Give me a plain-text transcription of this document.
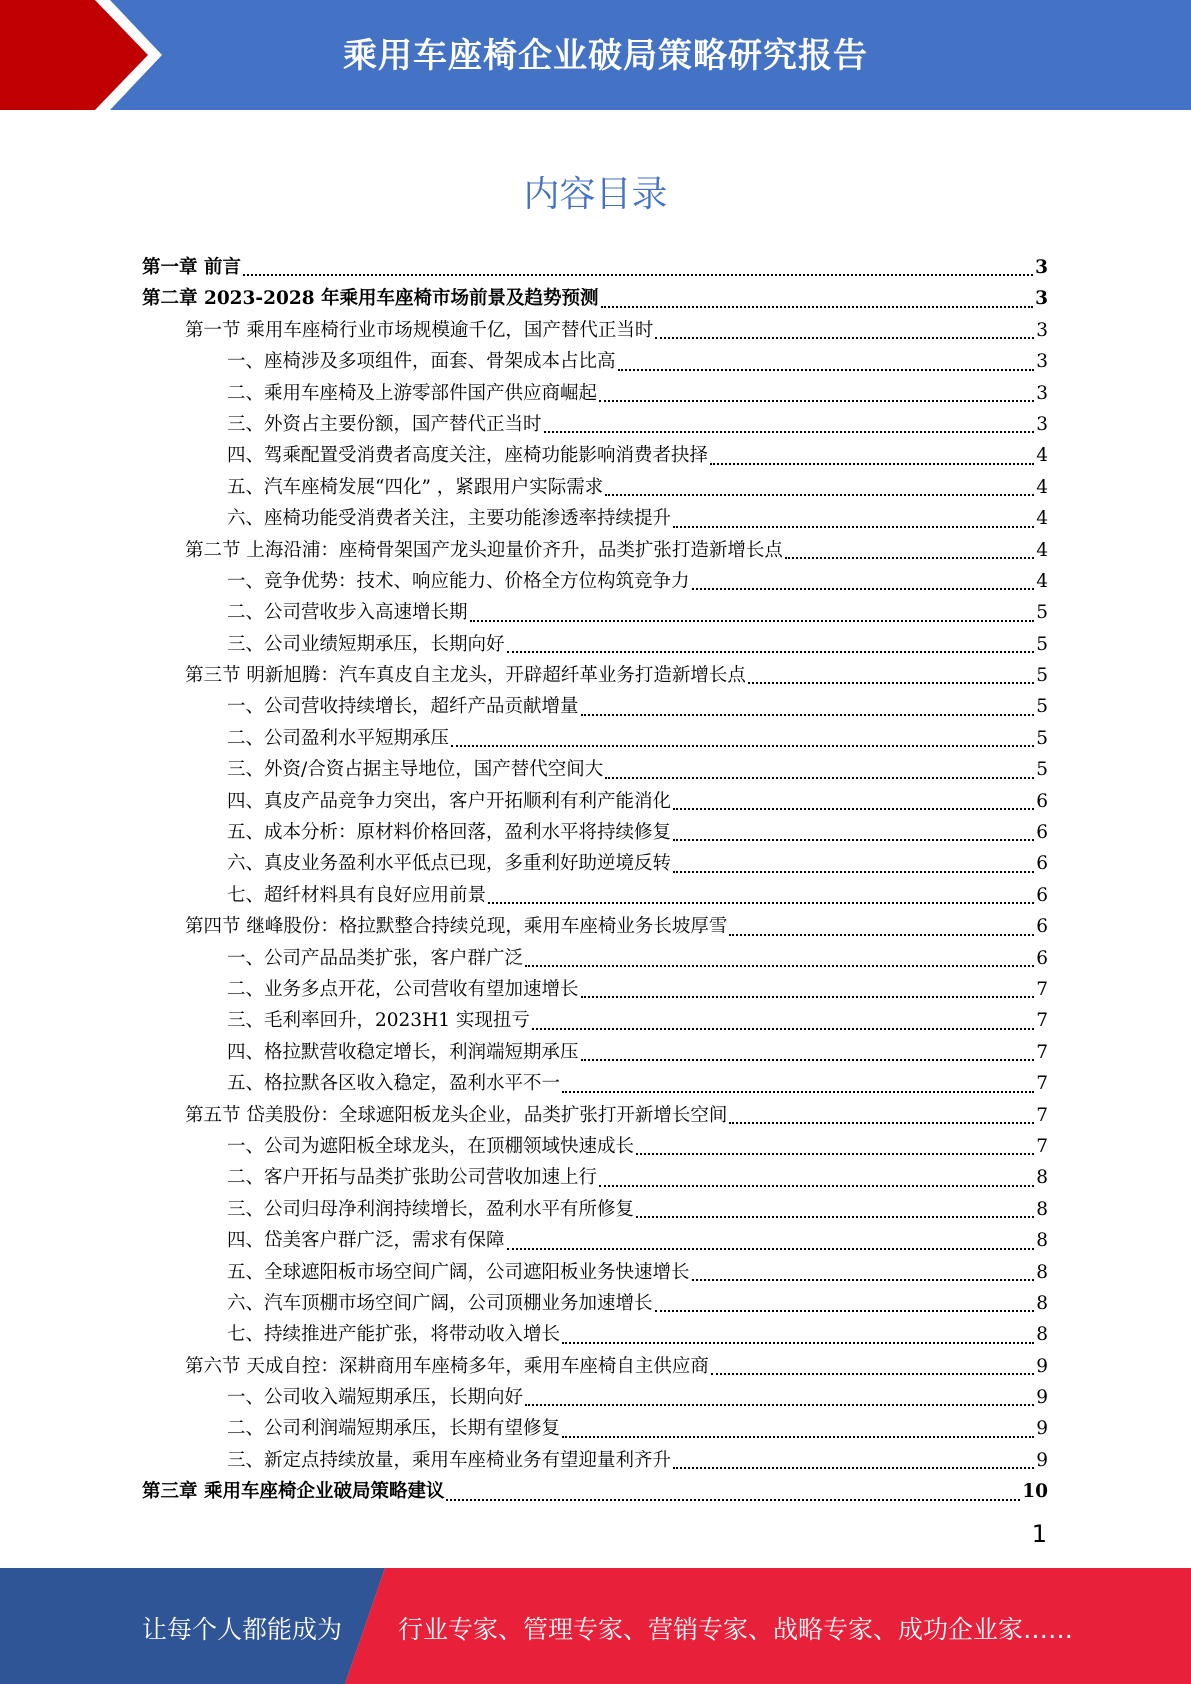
乘用车座椅企业破局策略研究报告
内容目录
第一章 前言	3
第二章 2023-2028 年乘用车座椅市场前景及趋势预测	3
第一节 乘用车座椅行业市场规模逾千亿，国产替代正当时	3
一、座椅涉及多项组件，面套、骨架成本占比高	3
二、乘用车座椅及上游零部件国产供应商崛起	3
三、外资占主要份额，国产替代正当时	3
四、驾乘配置受消费者高度关注，座椅功能影响消费者抉择	4
五、汽车座椅发展“四化” ，紧跟用户实际需求	4
六、座椅功能受消费者关注，主要功能渗透率持续提升	4
第二节 上海沿浦：座椅骨架国产龙头迎量价齐升，品类扩张打造新增长点	4
一、竞争优势：技术、响应能力、价格全方位构筑竞争力	4
二、公司营收步入高速增长期	5
三、公司业绩短期承压，长期向好	5
第三节 明新旭腾：汽车真皮自主龙头，开辟超纤革业务打造新增长点	5
一、公司营收持续增长，超纤产品贡献增量	5
二、公司盈利水平短期承压	5
三、外资/合资占据主导地位，国产替代空间大	5
四、真皮产品竞争力突出，客户开拓顺利有利产能消化	6
五、成本分析：原材料价格回落，盈利水平将持续修复	6
六、真皮业务盈利水平低点已现，多重利好助逆境反转	6
七、超纤材料具有良好应用前景	6
第四节 继峰股份：格拉默整合持续兑现，乘用车座椅业务长坡厚雪	6
一、公司产品品类扩张，客户群广泛	6
二、业务多点开花，公司营收有望加速增长	7
三、毛利率回升，2023H1 实现扭亏	7
四、格拉默营收稳定增长，利润端短期承压	7
五、格拉默各区收入稳定，盈利水平不一	7
第五节 岱美股份：全球遮阳板龙头企业，品类扩张打开新增长空间	7
一、公司为遮阳板全球龙头，在顶棚领域快速成长	7
二、客户开拓与品类扩张助公司营收加速上行	8
三、公司归母净利润持续增长，盈利水平有所修复	8
四、岱美客户群广泛，需求有保障	8
五、全球遮阳板市场空间广阔，公司遮阳板业务快速增长	8
六、汽车顶棚市场空间广阔，公司顶棚业务加速增长	8
七、持续推进产能扩张，将带动收入增长	8
第六节 天成自控：深耕商用车座椅多年，乘用车座椅自主供应商	9
一、公司收入端短期承压，长期向好	9
二、公司利润端短期承压，长期有望修复	9
三、新定点持续放量，乘用车座椅业务有望迎量利齐升	9
第三章 乘用车座椅企业破局策略建议	10
1
让每个人都能成为 行业专家、管理专家、营销专家、战略专家、成功企业家……
